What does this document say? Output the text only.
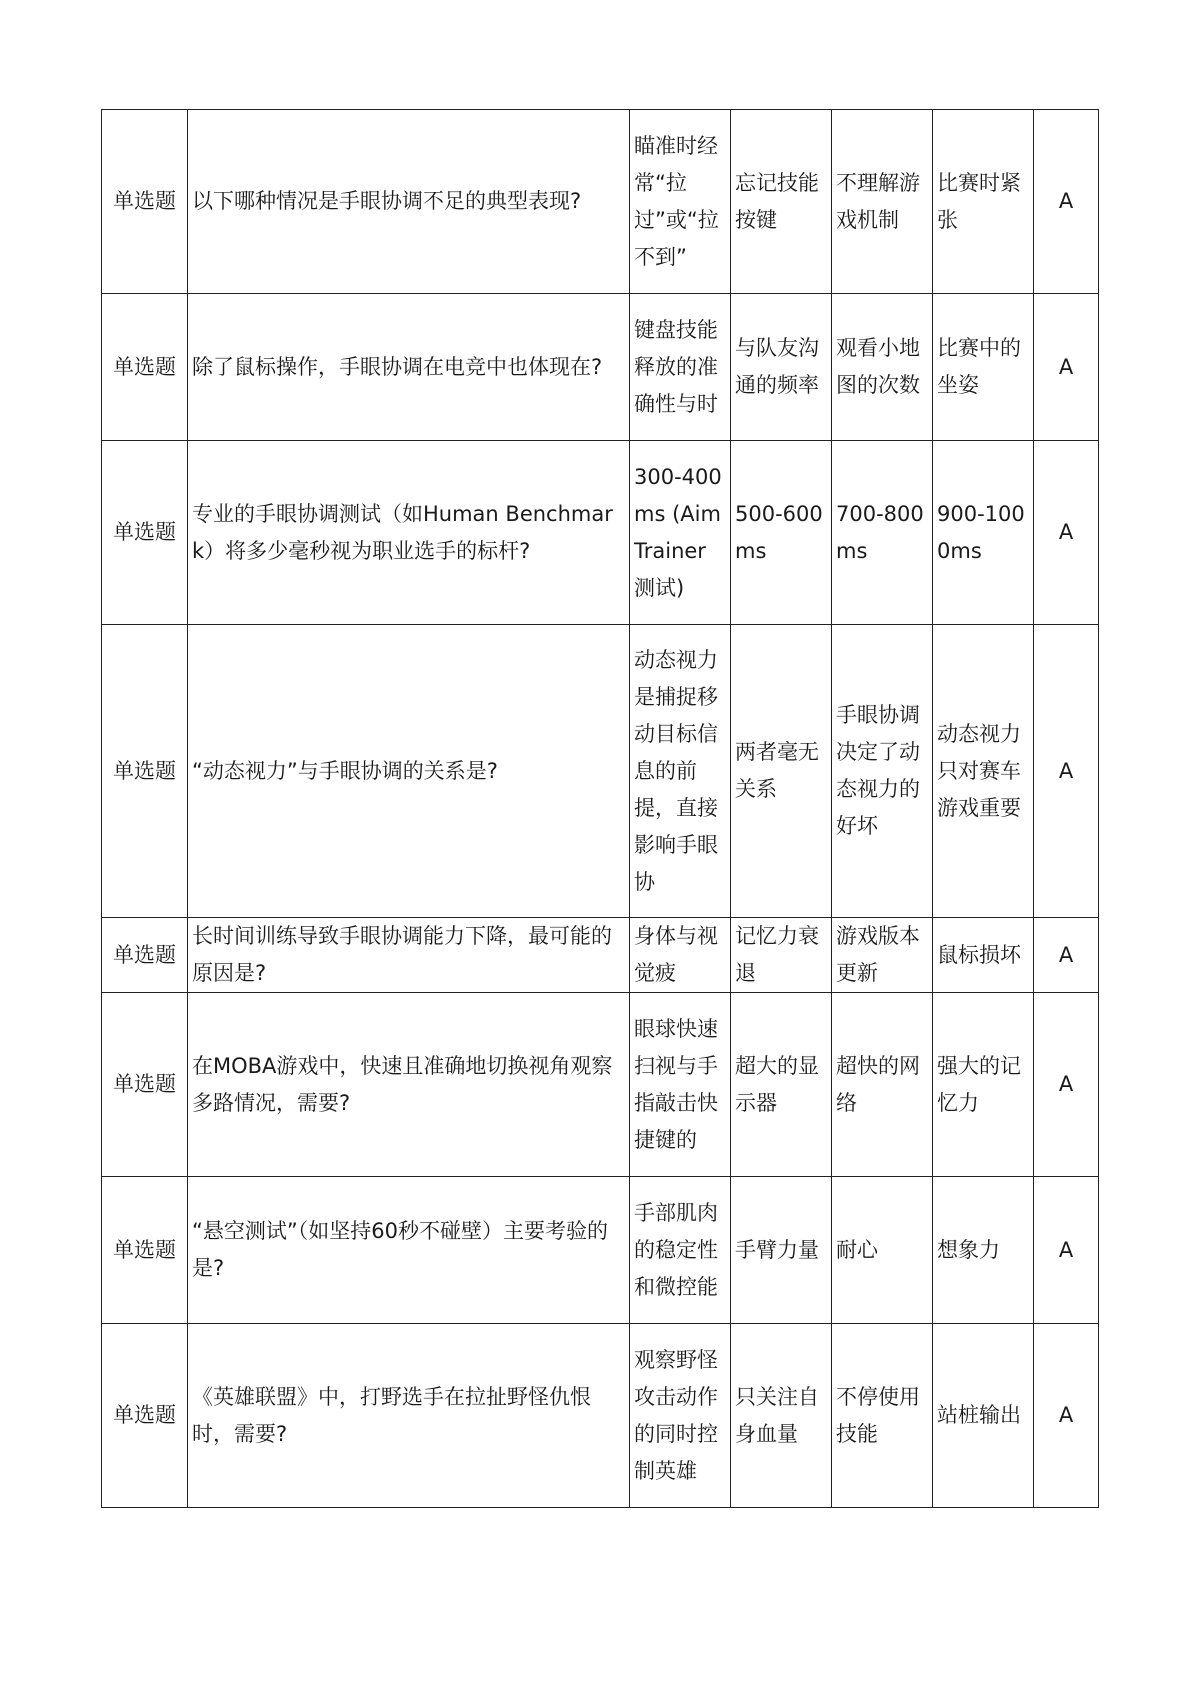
单选题	以下哪种情况是手眼协调不足的典型表现?	瞄准时经常“拉过”或“拉不到”	忘记技能按键	不理解游戏机制	比赛时紧张	A
单选题	除了鼠标操作，手眼协调在电竞中也体现在?	键盘技能释放的准确性与时	与队友沟通的频率	观看小地图的次数	比赛中的坐姿	A
单选题	专业的手眼协调测试（如Human Benchmark）将多少毫秒视为职业选手的标杆?	300-400ms (Aim Trainer测试)	500-600ms	700-800ms	900-1000ms	A
单选题	“动态视力”与手眼协调的关系是?	动态视力是捕捉移动目标信息的前提，直接影响手眼协	两者毫无关系	手眼协调决定了动态视力的好坏	动态视力只对赛车游戏重要	A
单选题	长时间训练导致手眼协调能力下降，最可能的原因是?	身体与视觉疲	记忆力衰退	游戏版本更新	鼠标损坏	A
单选题	在MOBA游戏中，快速且准确地切换视角观察多路情况，需要?	眼球快速扫视与手指敲击快捷键的	超大的显示器	超快的网络	强大的记忆力	A
单选题	“悬空测试”（如坚持60秒不碰壁）主要考验的是?	手部肌肉的稳定性和微控能	手臂力量	耐心	想象力	A
单选题	《英雄联盟》中，打野选手在拉扯野怪仇恨时，需要?	观察野怪攻击动作的同时控制英雄	只关注自身血量	不停使用技能	站桩输出	A
